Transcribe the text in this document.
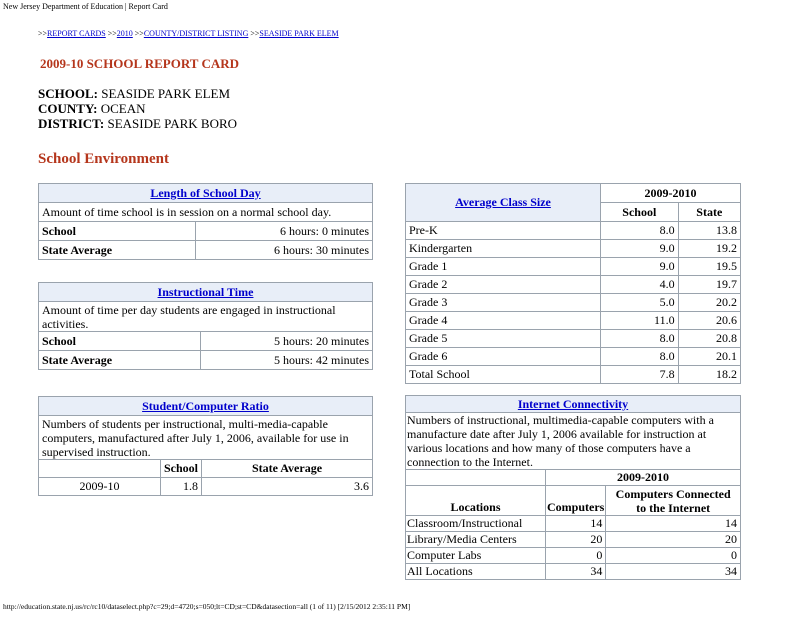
New Jersey Department of Education | Report Card
>>REPORT CARDS >>2010 >>COUNTY/DISTRICT LISTING >>SEASIDE PARK ELEM
2009-10 SCHOOL REPORT CARD
SCHOOL: SEASIDE PARK ELEM
COUNTY: OCEAN
DISTRICT: SEASIDE PARK BORO
School Environment
Length of School Day	
Amount of time school is in session on a normal school day.	
School	6 hours: 0 minutes
State Average	6 hours: 30 minutes
Instructional Time	
Amount of time per day students are engaged in instructional activities.	
School	5 hours: 20 minutes
State Average	5 hours: 42 minutes
Student/Computer Ratio		
Numbers of students per instructional, multi-media-capable computers, manufactured after July 1, 2006, available for use in supervised instruction.		
	School	State Average
2009-10	1.8	3.6
Average Class Size	2009-2010	
	School	State
Pre-K	8.0	13.8
Kindergarten	9.0	19.2
Grade 1	9.0	19.5
Grade 2	4.0	19.7
Grade 3	5.0	20.2
Grade 4	11.0	20.6
Grade 5	8.0	20.8
Grade 6	8.0	20.1
Total School	7.8	18.2
Internet Connectivity		
Numbers of instructional, multimedia-capable computers with a manufacture date after July 1, 2006 available for instruction at various locations and how many of those computers have a connection to the Internet.		
	2009-2010	
Locations	Computers	Computers Connected to the Internet
Classroom/Instructional	14	14
Library/Media Centers	20	20
Computer Labs	0	0
All Locations	34	34
http://education.state.nj.us/rc/rc10/dataselect.php?c=29;d=4720;s=050;lt=CD;st=CD&datasection=all (1 of 11) [2/15/2012 2:35:11 PM]
